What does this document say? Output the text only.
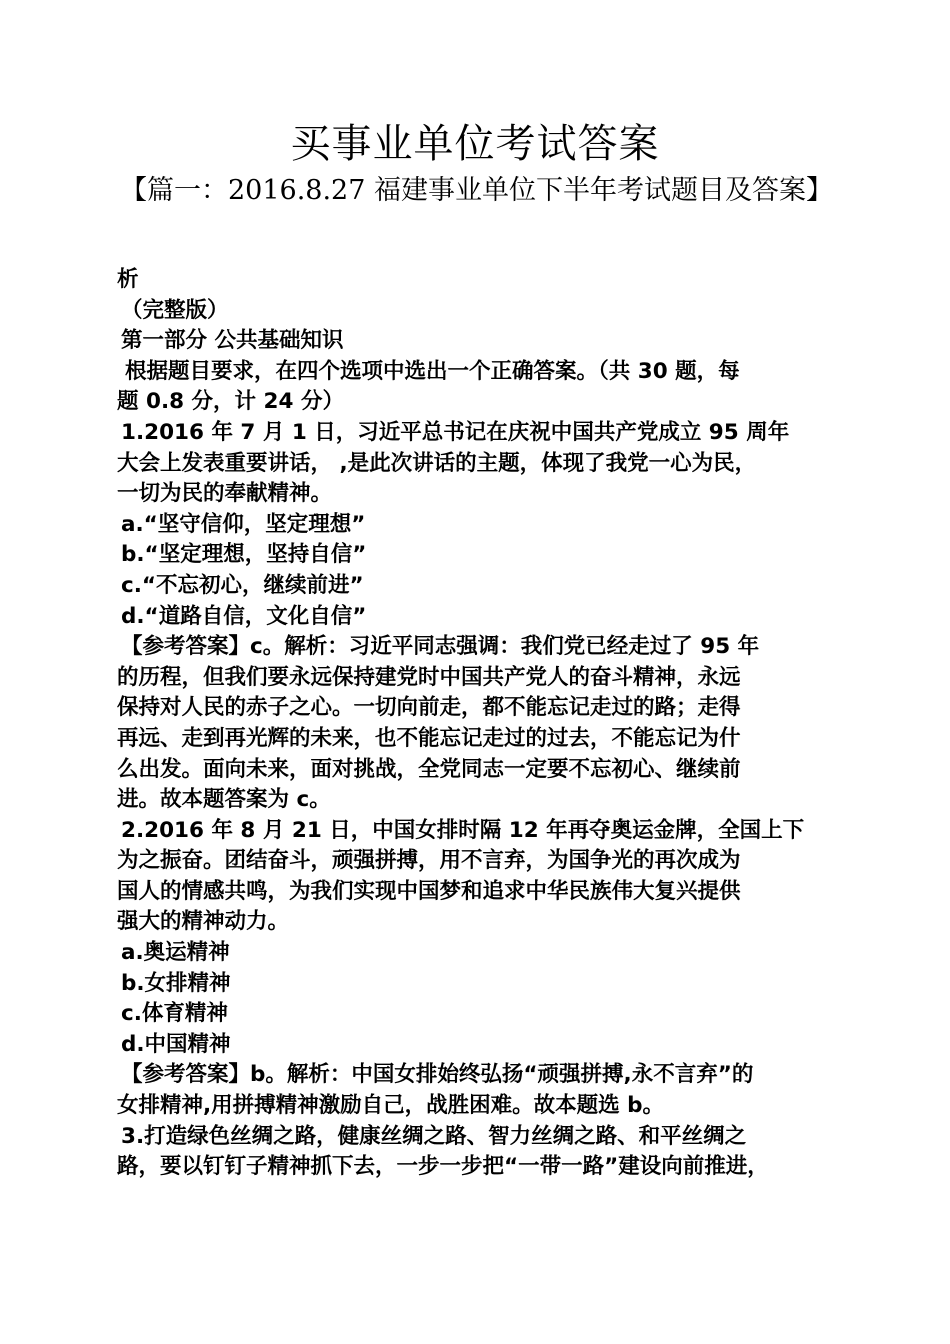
买事业单位考试答案
【篇一：2016.8.27 福建事业单位下半年考试题目及答案】
析
（完整版）
第一部分 公共基础知识
根据题目要求，在四个选项中选出一个正确答案。（共 30 题，每
题 0.8 分，计 24 分）
1.2016 年 7 月 1 日，习近平总书记在庆祝中国共产党成立 95 周年
大会上发表重要讲话， ,是此次讲话的主题，体现了我党一心为民，
一切为民的奉献精神。
a.“坚守信仰，坚定理想”
b.“坚定理想，坚持自信”
c.“不忘初心，继续前进”
d.“道路自信，文化自信”
【参考答案】c。解析：习近平同志强调：我们党已经走过了 95 年
的历程，但我们要永远保持建党时中国共产党人的奋斗精神，永远
保持对人民的赤子之心。一切向前走，都不能忘记走过的路；走得
再远、走到再光辉的未来，也不能忘记走过的过去，不能忘记为什
么出发。面向未来，面对挑战，全党同志一定要不忘初心、继续前
进。故本题答案为 c。
2.2016 年 8 月 21 日，中国女排时隔 12 年再夺奥运金牌，全国上下
为之振奋。团结奋斗，顽强拼搏，用不言弃，为国争光的再次成为
国人的情感共鸣，为我们实现中国梦和追求中华民族伟大复兴提供
强大的精神动力。
a.奥运精神
b.女排精神
c.体育精神
d.中国精神
【参考答案】b。解析：中国女排始终弘扬“顽强拼搏,永不言弃”的
女排精神,用拼搏精神激励自己，战胜困难。故本题选 b。
3.打造绿色丝绸之路，健康丝绸之路、智力丝绸之路、和平丝绸之
路，要以钉钉子精神抓下去，一步一步把“一带一路”建设向前推进，
